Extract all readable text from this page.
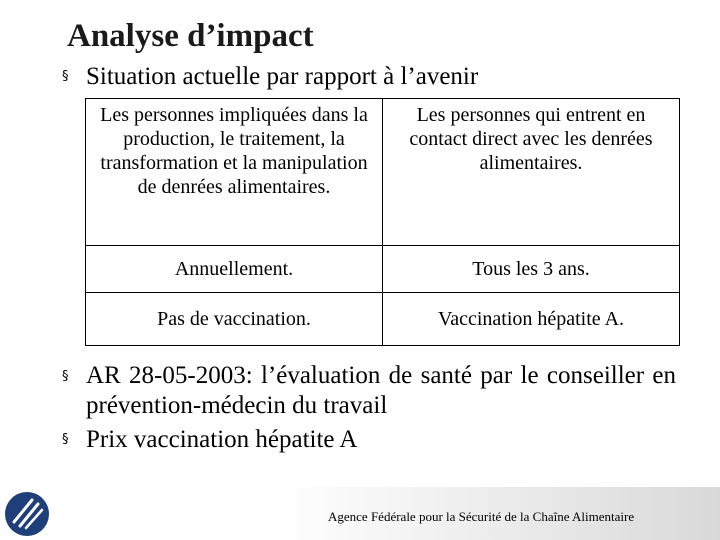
Analyse d’impact
§ Situation actuelle par rapport à l’avenir
Les personnes impliquées dans la production, le traitement, la transformation et la manipulation de denrées alimentaires.	Les personnes qui entrent en contact direct avec les denrées alimentaires.
Annuellement.	Tous les 3 ans.
Pas de vaccination.	Vaccination hépatite A.
§ AR 28-05-2003: l’évaluation de santé par le conseiller en prévention-médecin du travail
§ Prix vaccination hépatite A
Agence Fédérale pour la Sécurité de la Chaîne Alimentaire
